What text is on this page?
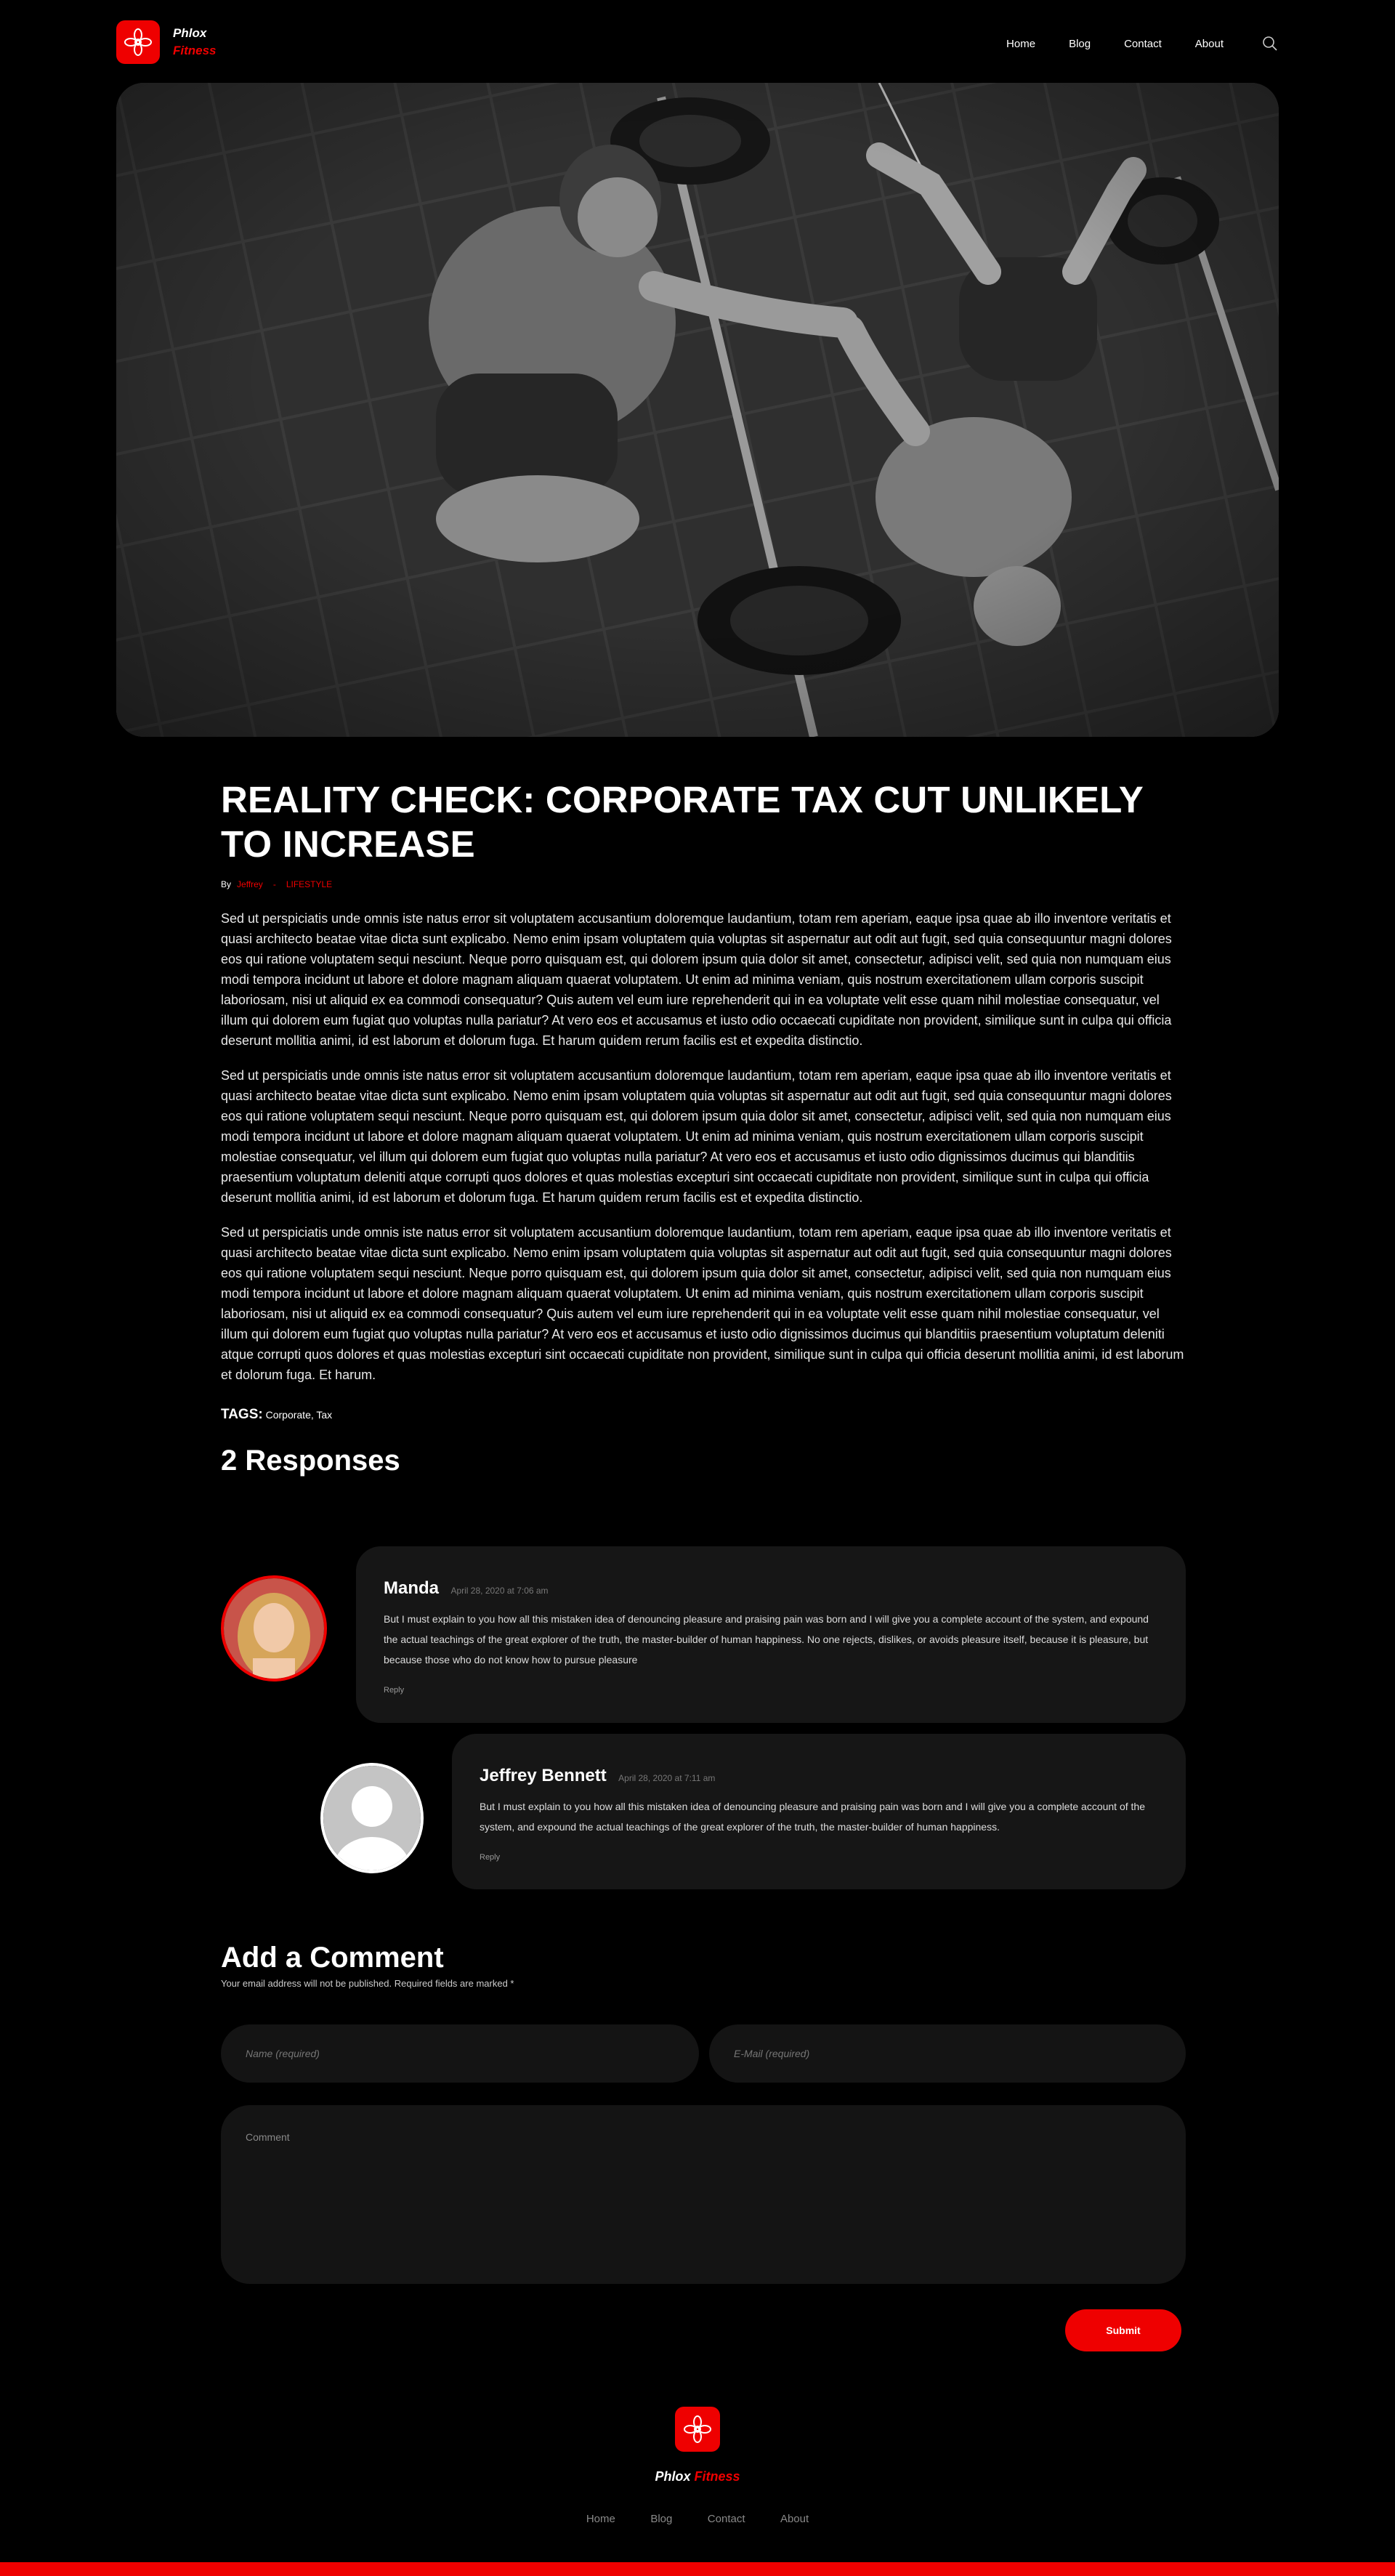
Phlox
Fitness	Home	Blog	Contact	About
REALITY CHECK: CORPORATE TAX CUT UNLIKELY TO INCREASE
By Jeffrey - LIFESTYLE

Sed ut perspiciatis unde omnis iste natus error sit voluptatem accusantium doloremque laudantium, totam rem aperiam, eaque ipsa quae ab illo inventore veritatis et quasi architecto beatae vitae dicta sunt explicabo. Nemo enim ipsam voluptatem quia voluptas sit aspernatur aut odit aut fugit, sed quia consequuntur magni dolores eos qui ratione voluptatem sequi nesciunt. Neque porro quisquam est, qui dolorem ipsum quia dolor sit amet, consectetur, adipisci velit, sed quia non numquam eius modi tempora incidunt ut labore et dolore magnam aliquam quaerat voluptatem. Ut enim ad minima veniam, quis nostrum exercitationem ullam corporis suscipit laboriosam, nisi ut aliquid ex ea commodi consequatur? Quis autem vel eum iure reprehenderit qui in ea voluptate velit esse quam nihil molestiae consequatur, vel illum qui dolorem eum fugiat quo voluptas nulla pariatur? At vero eos et accusamus et iusto odio occaecati cupiditate non provident, similique sunt in culpa qui officia deserunt mollitia animi, id est laborum et dolorum fuga. Et harum quidem rerum facilis est et expedita distinctio.

Sed ut perspiciatis unde omnis iste natus error sit voluptatem accusantium doloremque laudantium, totam rem aperiam, eaque ipsa quae ab illo inventore veritatis et quasi architecto beatae vitae dicta sunt explicabo. Nemo enim ipsam voluptatem quia voluptas sit aspernatur aut odit aut fugit, sed quia consequuntur magni dolores eos qui ratione voluptatem sequi nesciunt. Neque porro quisquam est, qui dolorem ipsum quia dolor sit amet, consectetur, adipisci velit, sed quia non numquam eius modi tempora incidunt ut labore et dolore magnam aliquam quaerat voluptatem. Ut enim ad minima veniam, quis nostrum exercitationem ullam corporis suscipit molestiae consequatur, vel illum qui dolorem eum fugiat quo voluptas nulla pariatur? At vero eos et accusamus et iusto odio dignissimos ducimus qui blanditiis praesentium voluptatum deleniti atque corrupti quos dolores et quas molestias excepturi sint occaecati cupiditate non provident, similique sunt in culpa qui officia deserunt mollitia animi, id est laborum et dolorum fuga. Et harum quidem rerum facilis est et expedita distinctio.

Sed ut perspiciatis unde omnis iste natus error sit voluptatem accusantium doloremque laudantium, totam rem aperiam, eaque ipsa quae ab illo inventore veritatis et quasi architecto beatae vitae dicta sunt explicabo. Nemo enim ipsam voluptatem quia voluptas sit aspernatur aut odit aut fugit, sed quia consequuntur magni dolores eos qui ratione voluptatem sequi nesciunt. Neque porro quisquam est, qui dolorem ipsum quia dolor sit amet, consectetur, adipisci velit, sed quia non numquam eius modi tempora incidunt ut labore et dolore magnam aliquam quaerat voluptatem. Ut enim ad minima veniam, quis nostrum exercitationem ullam corporis suscipit laboriosam, nisi ut aliquid ex ea commodi consequatur? Quis autem vel eum iure reprehenderit qui in ea voluptate velit esse quam nihil molestiae consequatur, vel illum qui dolorem eum fugiat quo voluptas nulla pariatur? At vero eos et accusamus et iusto odio dignissimos ducimus qui blanditiis praesentium voluptatum deleniti atque corrupti quos dolores et quas molestias excepturi sint occaecati cupiditate non provident, similique sunt in culpa qui officia deserunt mollitia animi, id est laborum et dolorum fuga. Et harum.

TAGS: Corporate, Tax
2 Responses
Manda April 28, 2020 at 7:06 am

But I must explain to you how all this mistaken idea of denouncing pleasure and praising pain was born and I will give you a complete account of the system, and expound the actual teachings of the great explorer of the truth, the master-builder of human happiness. No one rejects, dislikes, or avoids pleasure itself, because it is pleasure, but because those who do not know how to pursue pleasure

Reply

Jeffrey Bennett April 28, 2020 at 7:11 am

But I must explain to you how all this mistaken idea of denouncing pleasure and praising pain was born and I will give you a complete account of the system, and expound the actual teachings of the great explorer of the truth, the master-builder of human happiness.

Reply

Add a Comment

Your email address will not be published. Required fields are marked *

Name (required)
E-Mail (required)
Comment
Submit
Phlox Fitness
Home	Blog	Contact	About
